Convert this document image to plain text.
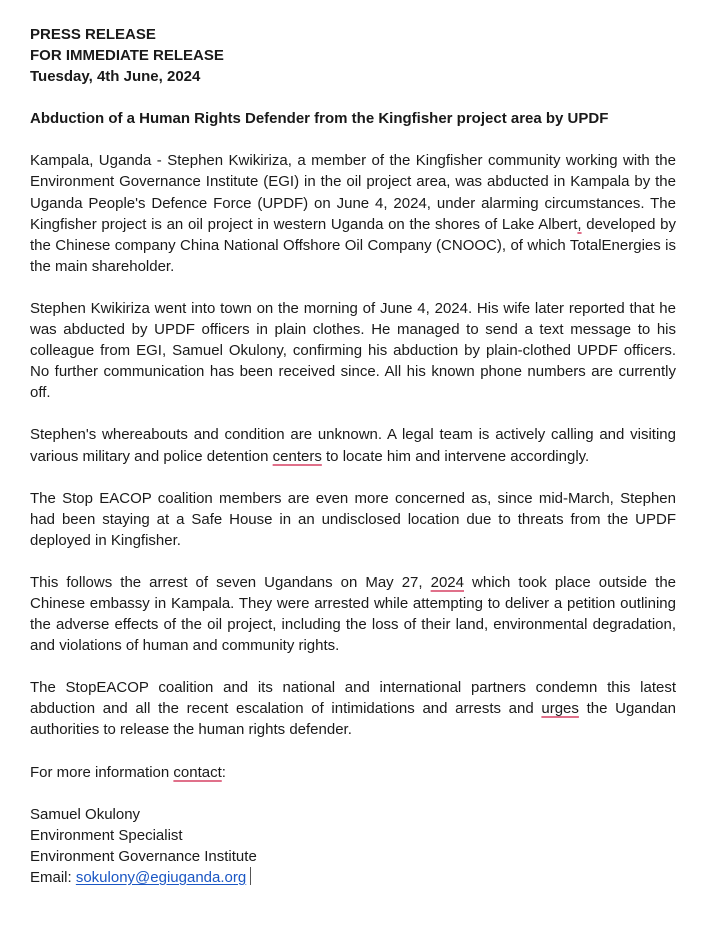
PRESS RELEASE
FOR IMMEDIATE RELEASE
Tuesday, 4th June, 2024

Abduction of a Human Rights Defender from the Kingfisher project area by UPDF

Kampala, Uganda - Stephen Kwikiriza, a member of the Kingfisher community working with the Environment Governance Institute (EGI) in the oil project area, was abducted in Kampala by the Uganda People's Defence Force (UPDF) on June 4, 2024, under alarming circumstances. The Kingfisher project is an oil project in western Uganda on the shores of Lake Albert, developed by the Chinese company China National Offshore Oil Company (CNOOC), of which TotalEnergies is the main shareholder.

Stephen Kwikiriza went into town on the morning of June 4, 2024. His wife later reported that he was abducted by UPDF officers in plain clothes. He managed to send a text message to his colleague from EGI, Samuel Okulony, confirming his abduction by plain-clothed UPDF officers. No further communication has been received since. All his known phone numbers are currently off.

Stephen's whereabouts and condition are unknown. A legal team is actively calling and visiting various military and police detention centers to locate him and intervene accordingly.

The Stop EACOP coalition members are even more concerned as, since mid-March, Stephen had been staying at a Safe House in an undisclosed location due to threats from the UPDF deployed in Kingfisher.

This follows the arrest of seven Ugandans on May 27, 2024 which took place outside the Chinese embassy in Kampala. They were arrested while attempting to deliver a petition outlining the adverse effects of the oil project, including the loss of their land, environmental degradation, and violations of human and community rights.

The StopEACOP coalition and its national and international partners condemn this latest abduction and all the recent escalation of intimidations and arrests and urges the Ugandan authorities to release the human rights defender.

For more information contact:

Samuel Okulony
Environment Specialist
Environment Governance Institute
Email: sokulony@egiuganda.org
